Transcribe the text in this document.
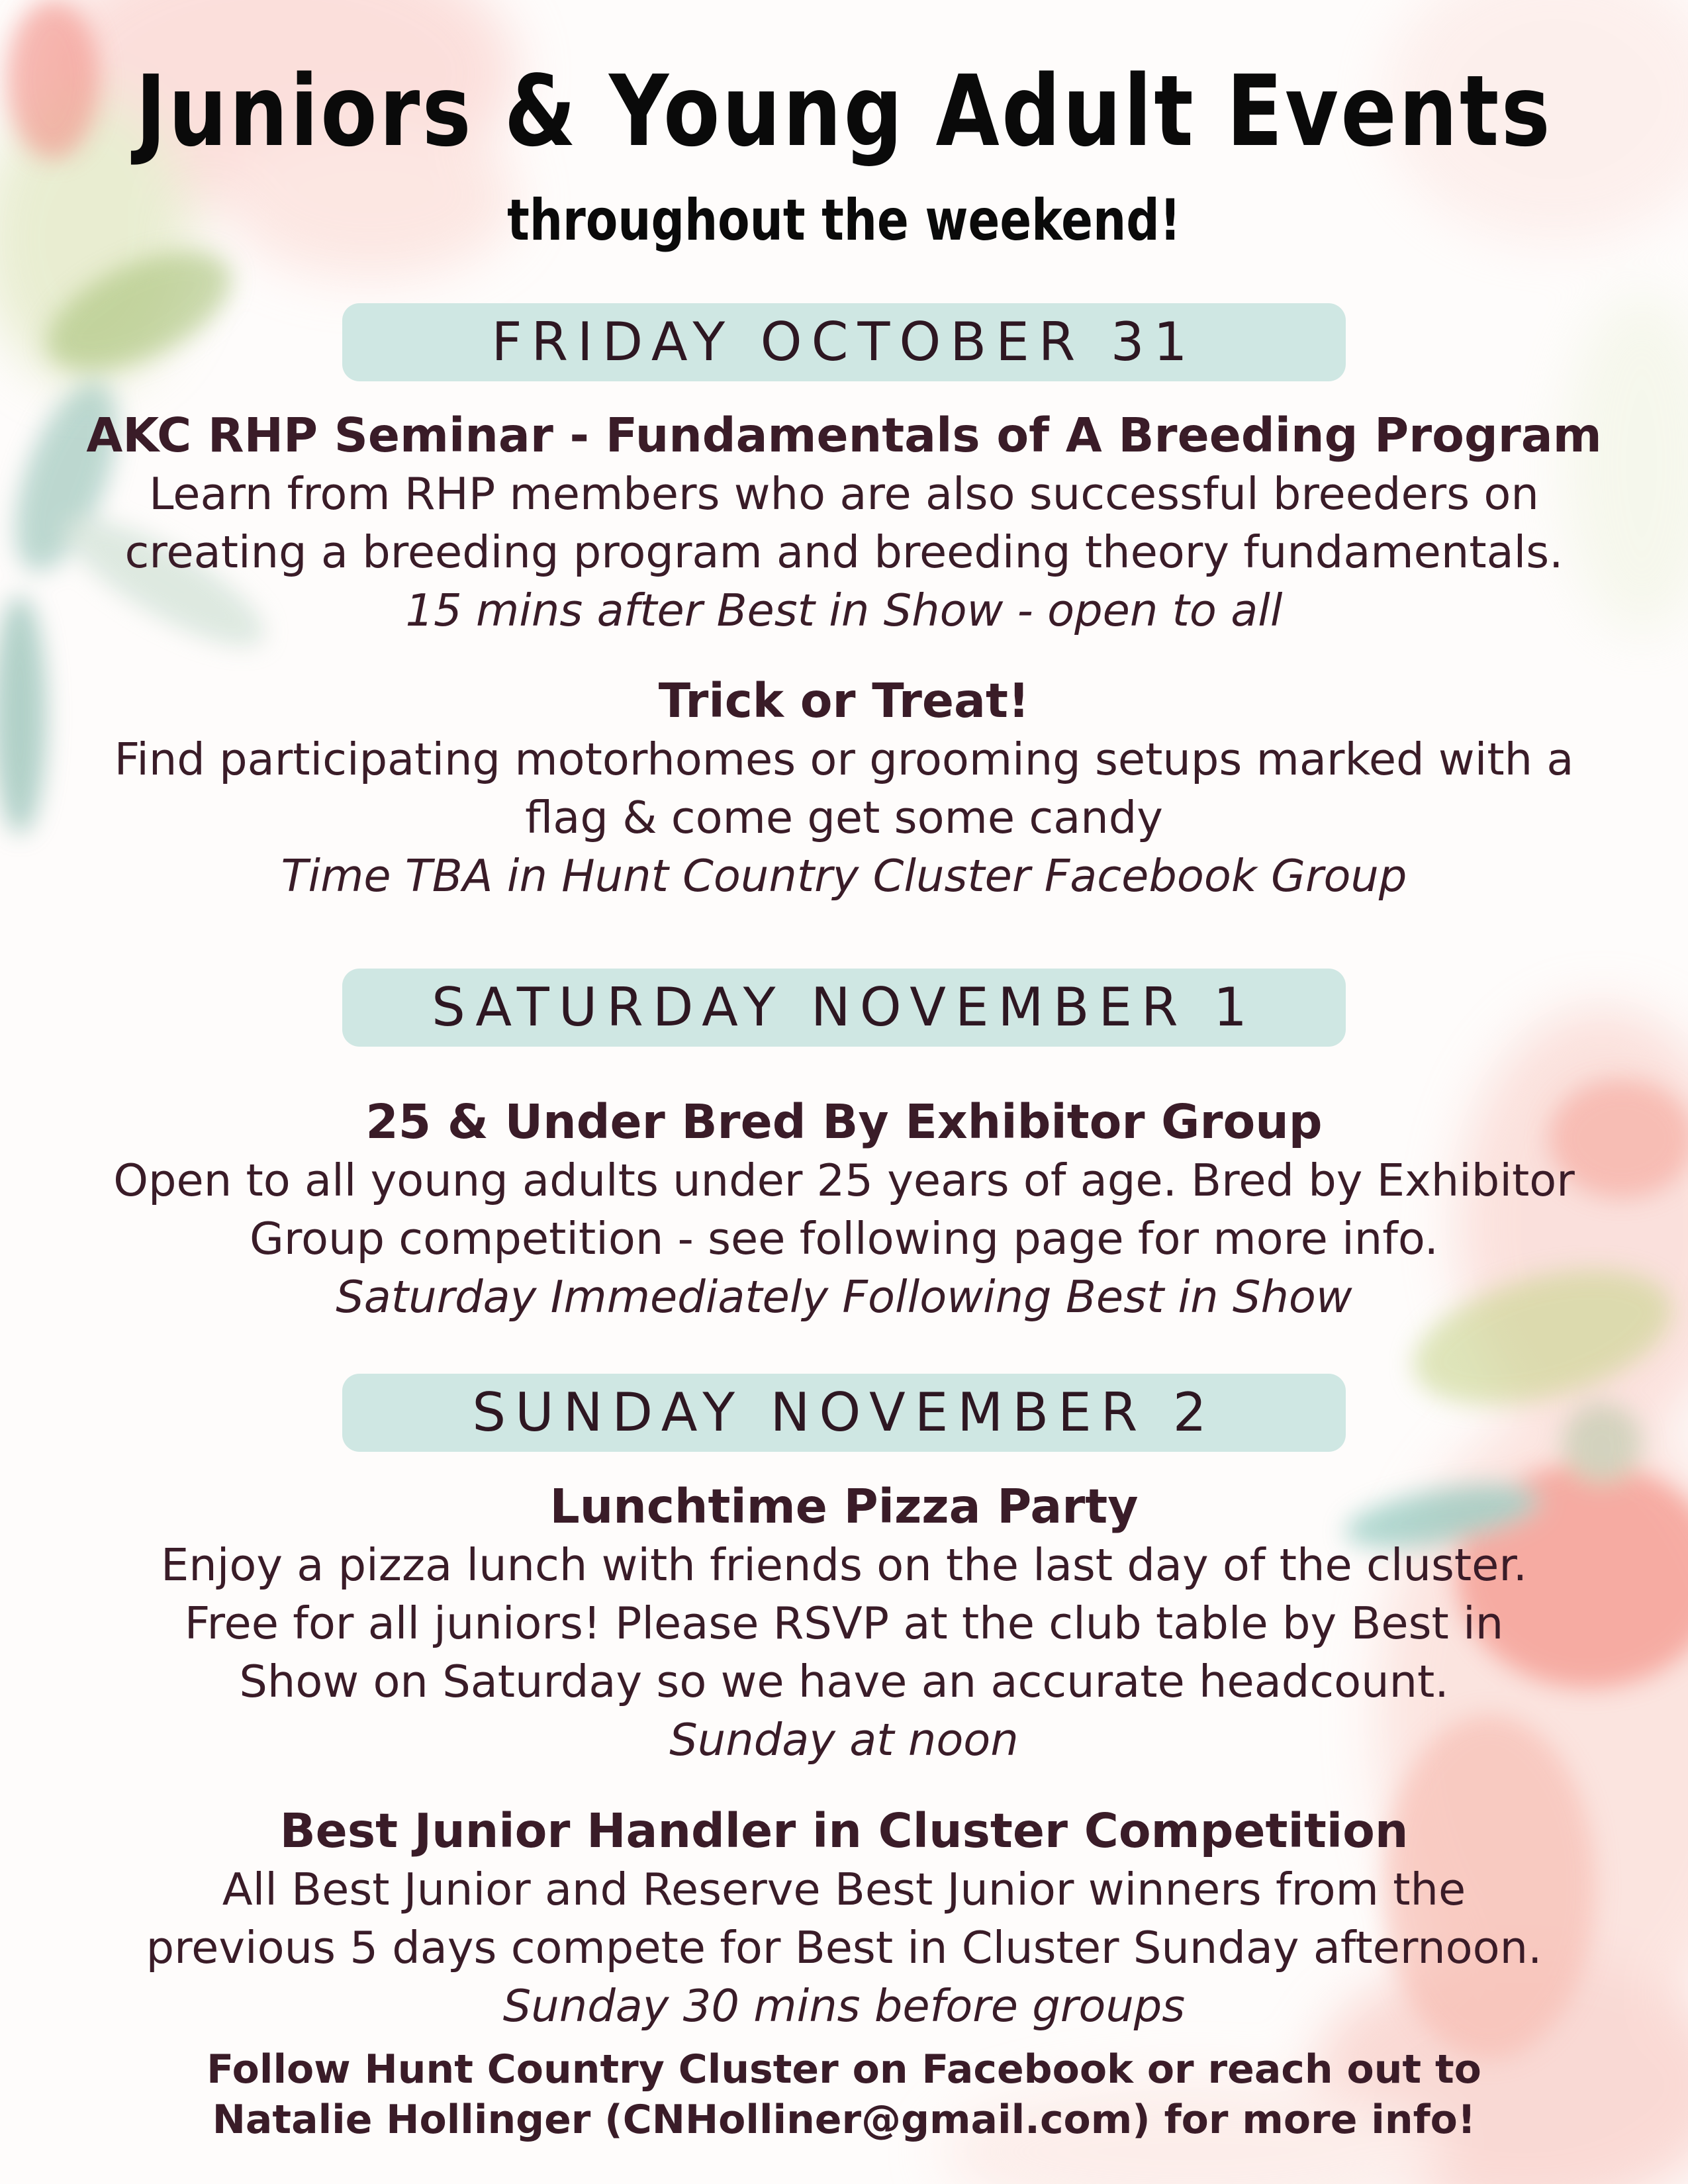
Juniors & Young Adult Events
throughout the weekend!
FRIDAY OCTOBER 31
AKC RHP Seminar - Fundamentals of A Breeding Program
Learn from RHP members who are also successful breeders on
creating a breeding program and breeding theory fundamentals.
15 mins after Best in Show - open to all
Trick or Treat!
Find participating motorhomes or grooming setups marked with a
flag & come get some candy
Time TBA in Hunt Country Cluster Facebook Group
SATURDAY NOVEMBER 1
25 & Under Bred By Exhibitor Group
Open to all young adults under 25 years of age. Bred by Exhibitor
Group competition - see following page for more info.
Saturday Immediately Following Best in Show
SUNDAY NOVEMBER 2
Lunchtime Pizza Party
Enjoy a pizza lunch with friends on the last day of the cluster.
Free for all juniors! Please RSVP at the club table by Best in
Show on Saturday so we have an accurate headcount.
Sunday at noon
Best Junior Handler in Cluster Competition
All Best Junior and Reserve Best Junior winners from the
previous 5 days compete for Best in Cluster Sunday afternoon.
Sunday 30 mins before groups
Follow Hunt Country Cluster on Facebook or reach out to
Natalie Hollinger (CNHolliner@gmail.com) for more info!
